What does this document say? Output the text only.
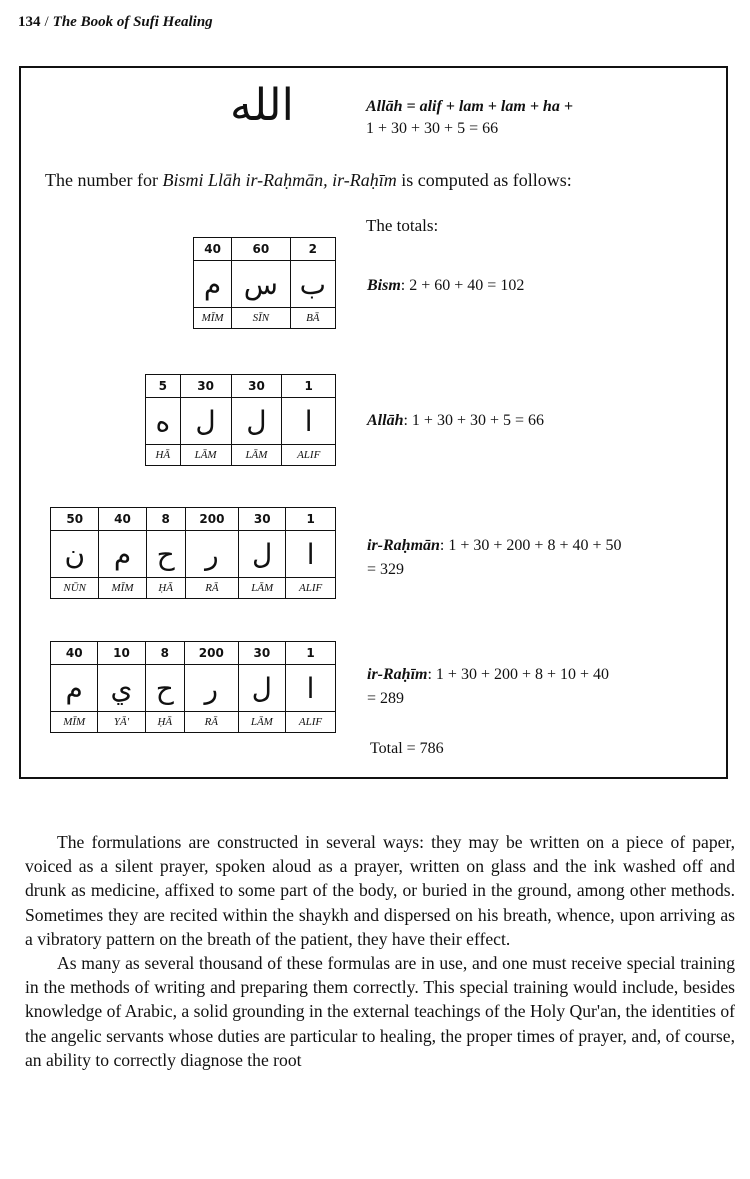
134 / The Book of Sufi Healing
الله	Allāh = alif + lam + lam + ha +
1 + 30 + 30 + 5 = 66
The number for Bismi Llāh ir-Raḥmān, ir-Raḥīm is computed as follows:
The totals:
40	60	2
م	س	ب
MĪM	SĪN	BĀ
Bism: 2 + 60 + 40 = 102
5	30	30	1
ه	ل	ل	ا
HĀ	LĀM	LĀM	ALIF
Allāh: 1 + 30 + 30 + 5 = 66
50	40	8	200	30	1
ن	م	ح	ر	ل	ا
NŪN	MĪM	ḤĀ	RĀ	LĀM	ALIF
ir-Raḥmān: 1 + 30 + 200 + 8 + 40 + 50
= 329
40	10	8	200	30	1
م	ي	ح	ر	ل	ا
MĪM	YĀ'	ḤĀ	RĀ	LĀM	ALIF
ir-Raḥīm: 1 + 30 + 200 + 8 + 10 + 40
= 289
Total = 786

The formulations are constructed in several ways: they may be written on a piece of paper, voiced as a silent prayer, spoken aloud as a prayer, written on glass and the ink washed off and drunk as medicine, affixed to some part of the body, or buried in the ground, among other methods. Sometimes they are recited within the shaykh and dispersed on his breath, whence, upon arriving as a vibratory pattern on the breath of the patient, they have their effect.

As many as several thousand of these formulas are in use, and one must receive special training in the methods of writing and preparing them correctly. This special training would include, besides knowledge of Arabic, a solid grounding in the external teachings of the Holy Qur'an, the identities of the angelic servants whose duties are particular to healing, the proper times of prayer, and, of course, an ability to correctly diagnose the root
